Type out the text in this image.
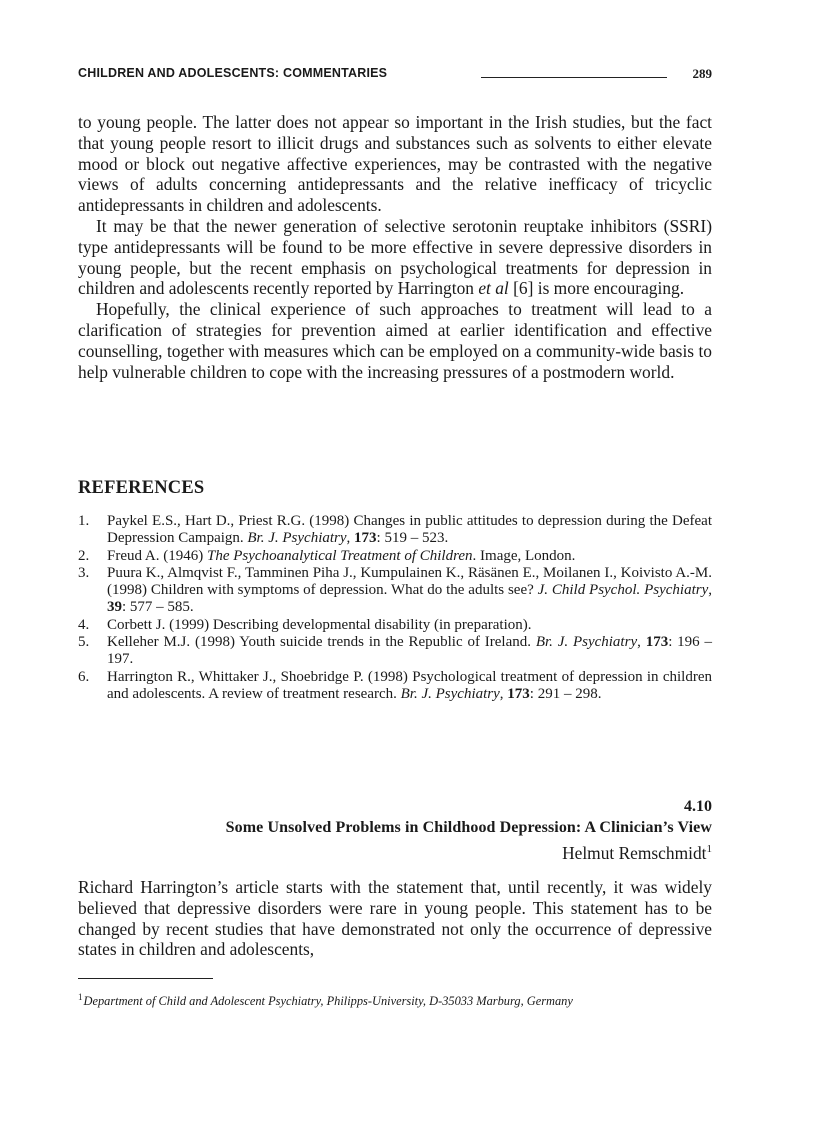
CHILDREN AND ADOLESCENTS: COMMENTARIES	289

to young people. The latter does not appear so important in the Irish studies, but the fact that young people resort to illicit drugs and substances such as solvents to either elevate mood or block out negative affective experiences, may be contrasted with the negative views of adults concerning antidepressants and the relative inefficacy of tricyclic antidepressants in children and adolescents.

It may be that the newer generation of selective serotonin reuptake inhibitors (SSRI) type antidepressants will be found to be more effective in severe depressive disorders in young people, but the recent emphasis on psychological treatments for depression in children and adolescents recently reported by Harrington et al [6] is more encouraging.

Hopefully, the clinical experience of such approaches to treatment will lead to a clarification of strategies for prevention aimed at earlier identification and effective counselling, together with measures which can be employed on a community-wide basis to help vulnerable children to cope with the increasing pressures of a postmodern world.

REFERENCES
1. Paykel E.S., Hart D., Priest R.G. (1998) Changes in public attitudes to depression during the Defeat Depression Campaign. Br. J. Psychiatry, 173: 519 – 523.
2. Freud A. (1946) The Psychoanalytical Treatment of Children. Image, London.
3. Puura K., Almqvist F., Tamminen Piha J., Kumpulainen K., Räsänen E., Moilanen I., Koivisto A.-M. (1998) Children with symptoms of depression. What do the adults see? J. Child Psychol. Psychiatry, 39: 577 – 585.
4. Corbett J. (1999) Describing developmental disability (in preparation).
5. Kelleher M.J. (1998) Youth suicide trends in the Republic of Ireland. Br. J. Psychiatry, 173: 196 – 197.
6. Harrington R., Whittaker J., Shoebridge P. (1998) Psychological treatment of depression in children and adolescents. A review of treatment research. Br. J. Psychiatry, 173: 291 – 298.
4.10
Some Unsolved Problems in Childhood Depression: A Clinician’s View
Helmut Remschmidt$^1$

Richard Harrington’s article starts with the statement that, until recently, it was widely believed that depressive disorders were rare in young people. This statement has to be changed by recent studies that have demonstrated not only the occurrence of depressive states in children and adolescents,

$^1$Department of Child and Adolescent Psychiatry, Philipps-University, D-35033 Marburg, Germany
